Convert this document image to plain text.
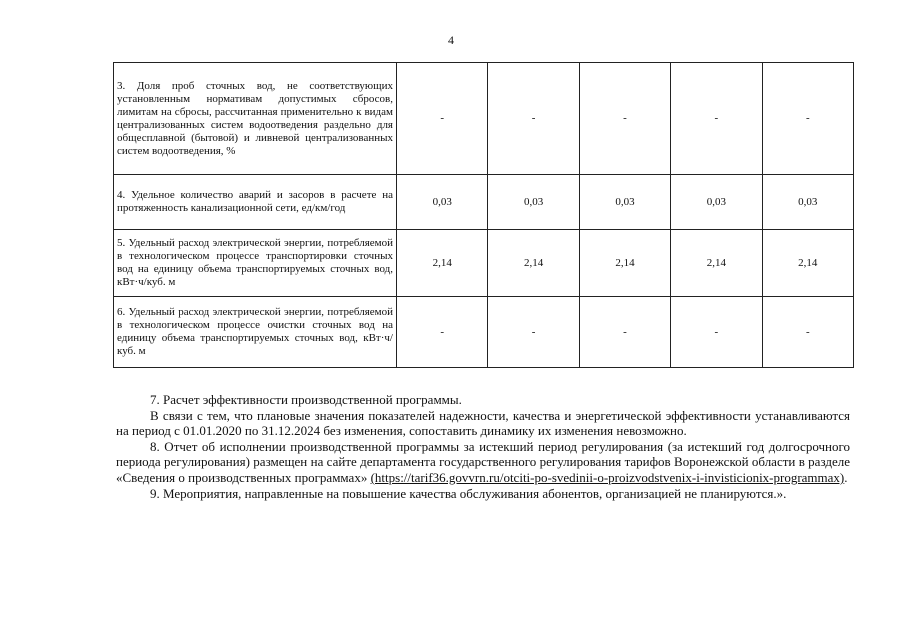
4
3. Доля проб сточных вод, не соответствующих установленным нормативам допустимых сбросов, лимитам на сбросы, рассчитанная применительно к видам централизованных систем водоотведения раздельно для общесплавной (бытовой) и ливневой централизованных систем водоотведения, %	-	-	-	-	-
4. Удельное количество аварий и засоров в расчете на протяженность канализационной сети, ед/км/год	0,03	0,03	0,03	0,03	0,03
5. Удельный расход электрической энергии, потребляемой в технологическом процессе транспортировки сточных вод на единицу объема транспортируемых сточных вод, кВт·ч/куб. м	2,14	2,14	2,14	2,14	2,14
6. Удельный расход электрической энергии, потребляемой в технологическом процессе очистки сточных вод на единицу объема транспортируемых сточных вод, кВт·ч/куб. м	-	-	-	-	-

7. Расчет эффективности производственной программы.

В связи с тем, что плановые значения показателей надежности, качества и энергетической эффективности устанавливаются на период с 01.01.2020 по 31.12.2024 без изменения, сопоставить динамику их изменения невозможно.

8. Отчет об исполнении производственной программы за истекший период регулирования (за истекший год долгосрочного периода регулирования) размещен на сайте департамента государственного регулирования тарифов Воронежской области в разделе «Сведения о производственных программах» (https://tarif36.govvrn.ru/otciti-po-svedinii-o-proizvodstvenix-i-invisticionix-programmax).

9. Мероприятия, направленные на повышение качества обслуживания абонентов, организацией не планируются.».
